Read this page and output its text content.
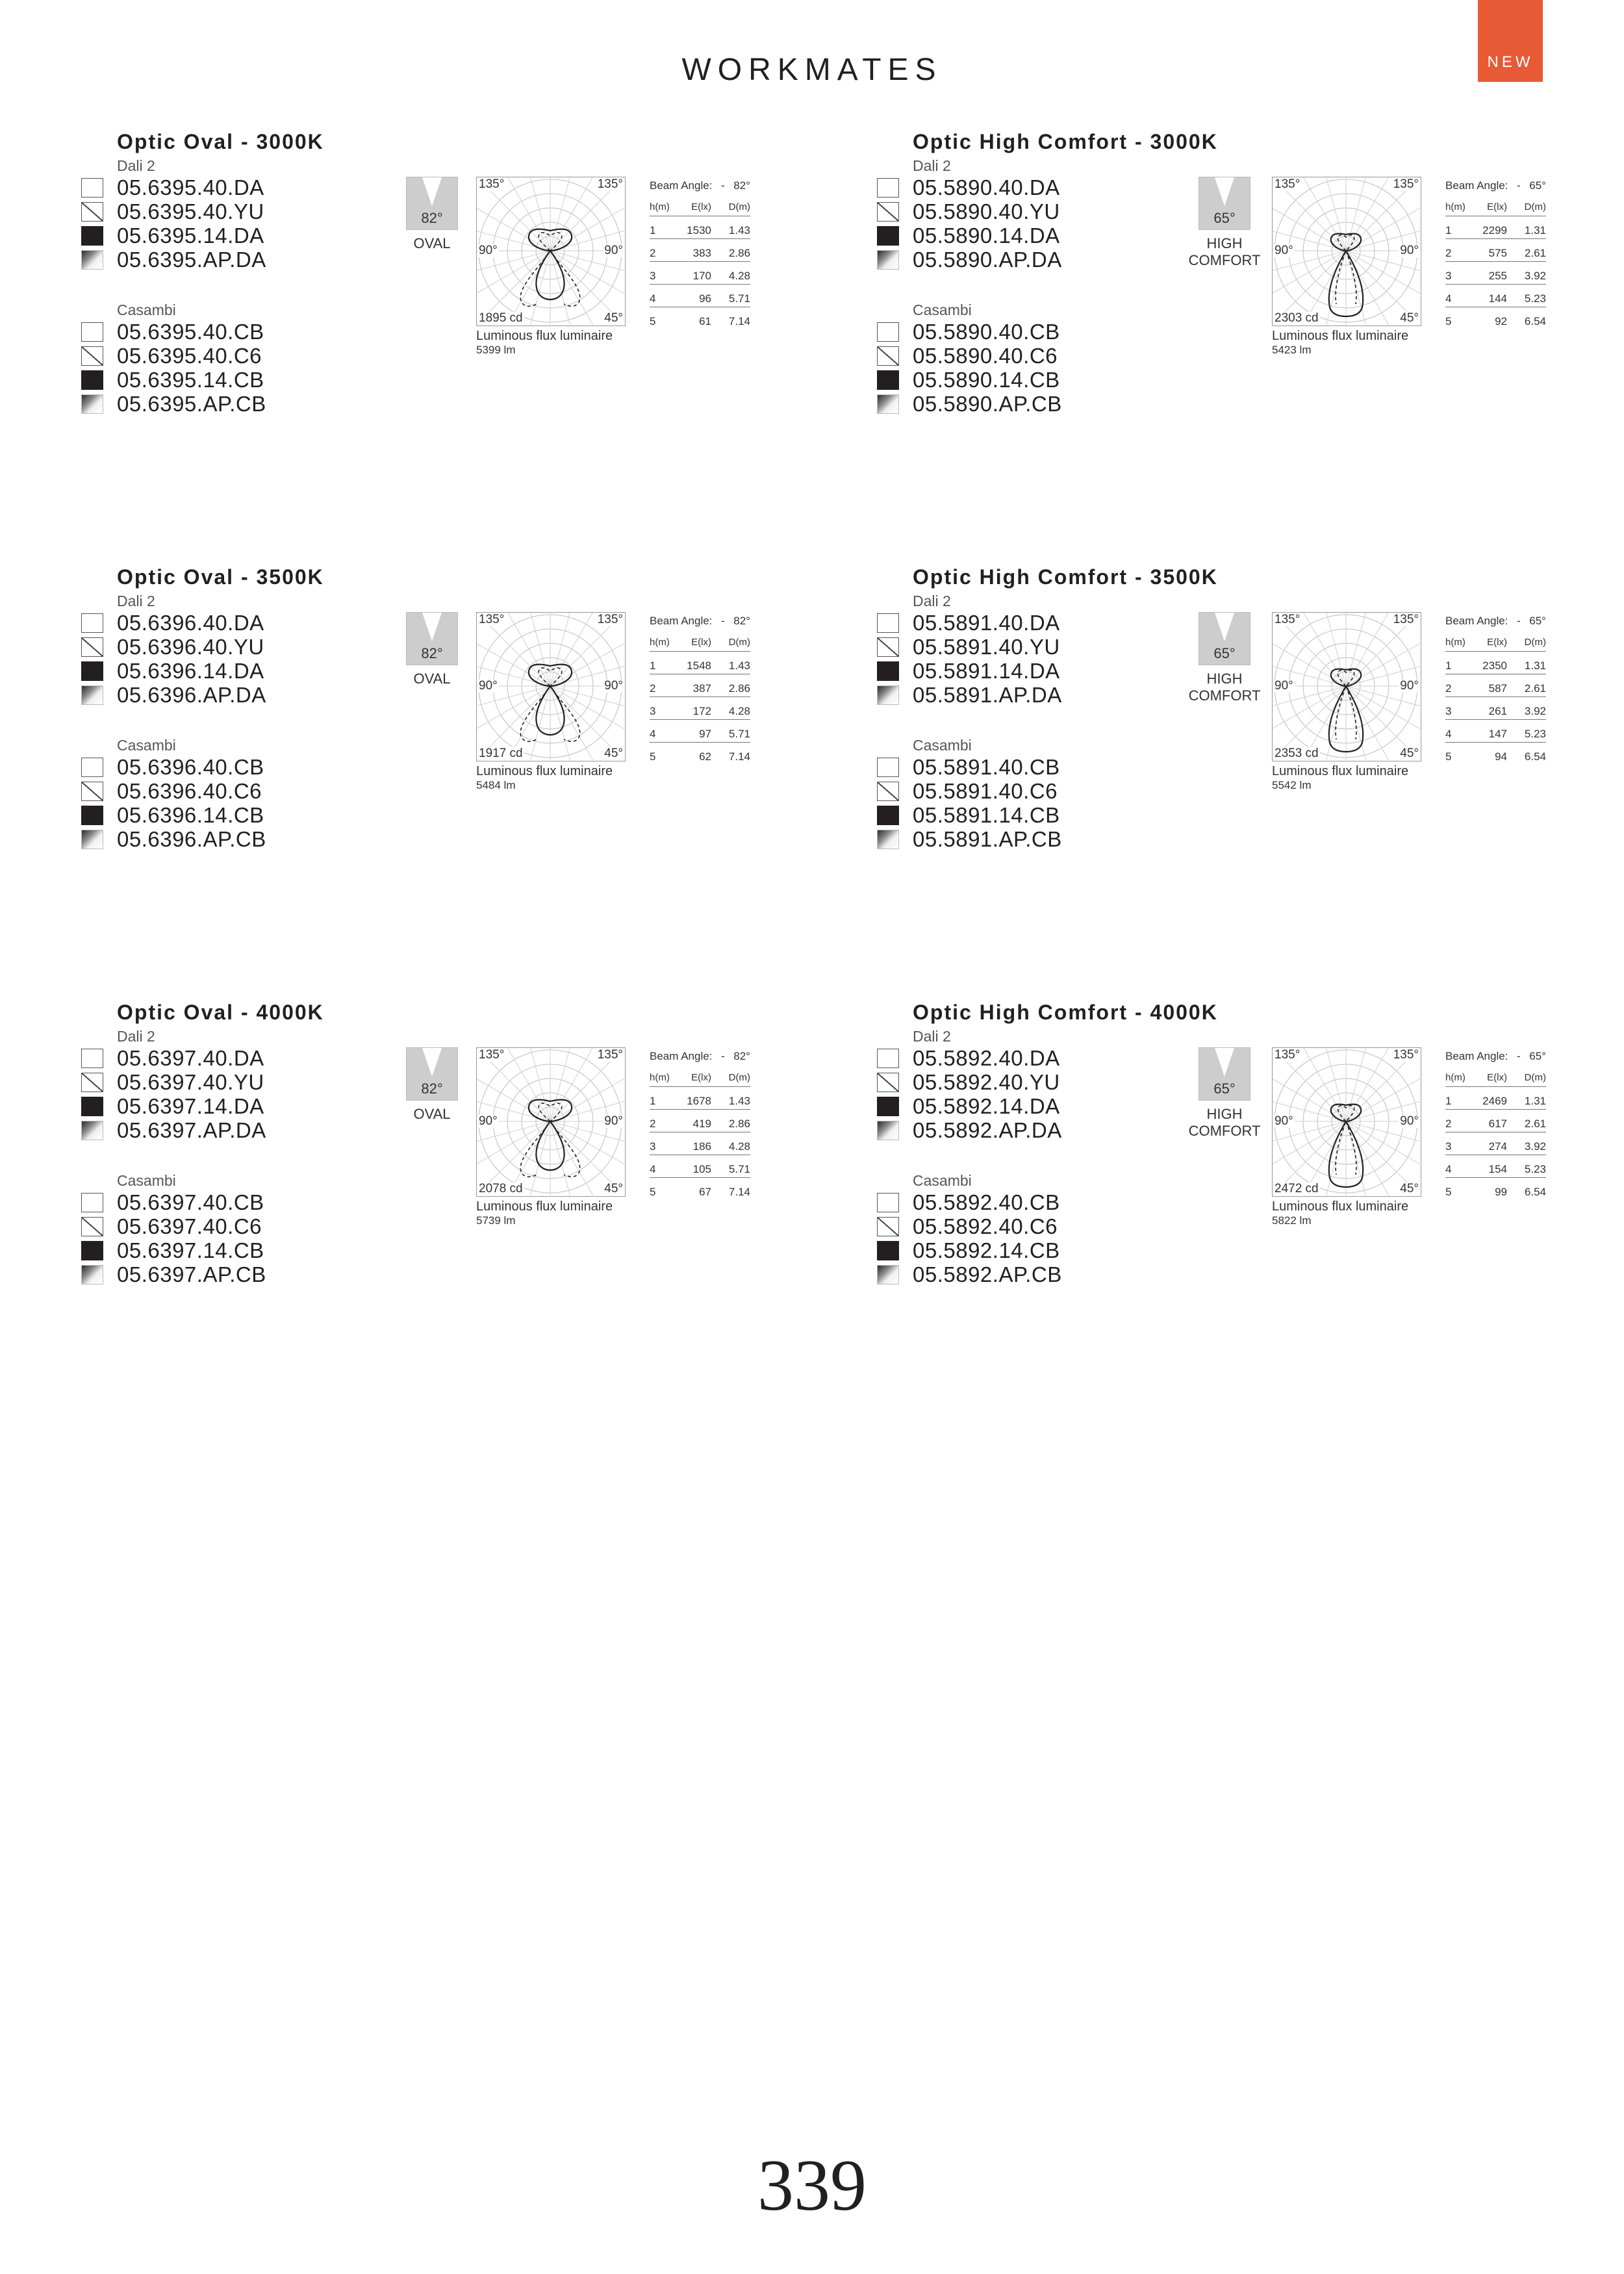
WORKMATES	NEW
Optic Oval - 3000K
Dali 2
05.6395.40.DA
05.6395.40.YU
05.6395.14.DA
05.6395.AP.DA
Casambi
05.6395.40.CB
05.6395.40.C6
05.6395.14.CB
05.6395.AP.CB
82°
OVAL
135°	135°
90°	90°
1895 cd	45°
Luminous flux luminaire
5399 lm
Beam Angle: - 82°
h(m)	E(lx)	D(m)
1	1530	1.43
2	383	2.86
3	170	4.28
4	96	5.71
5	61	7.14
Optic High Comfort - 3000K
Dali 2
05.5890.40.DA
05.5890.40.YU
05.5890.14.DA
05.5890.AP.DA
Casambi
05.5890.40.CB
05.5890.40.C6
05.5890.14.CB
05.5890.AP.CB
65°
HIGH COMFORT
135°	135°
90°	90°
2303 cd	45°
Luminous flux luminaire
5423 lm
Beam Angle: - 65°
h(m)	E(lx)	D(m)
1	2299	1.31
2	575	2.61
3	255	3.92
4	144	5.23
5	92	6.54
Optic Oval - 3500K
Dali 2
05.6396.40.DA
05.6396.40.YU
05.6396.14.DA
05.6396.AP.DA
Casambi
05.6396.40.CB
05.6396.40.C6
05.6396.14.CB
05.6396.AP.CB
82°
OVAL
135°	135°
90°	90°
1917 cd	45°
Luminous flux luminaire
5484 lm
Beam Angle: - 82°
h(m)	E(lx)	D(m)
1	1548	1.43
2	387	2.86
3	172	4.28
4	97	5.71
5	62	7.14
Optic High Comfort - 3500K
Dali 2
05.5891.40.DA
05.5891.40.YU
05.5891.14.DA
05.5891.AP.DA
Casambi
05.5891.40.CB
05.5891.40.C6
05.5891.14.CB
05.5891.AP.CB
65°
HIGH COMFORT
135°	135°
90°	90°
2353 cd	45°
Luminous flux luminaire
5542 lm
Beam Angle: - 65°
h(m)	E(lx)	D(m)
1	2350	1.31
2	587	2.61
3	261	3.92
4	147	5.23
5	94	6.54
Optic Oval - 4000K
Dali 2
05.6397.40.DA
05.6397.40.YU
05.6397.14.DA
05.6397.AP.DA
Casambi
05.6397.40.CB
05.6397.40.C6
05.6397.14.CB
05.6397.AP.CB
82°
OVAL
135°	135°
90°	90°
2078 cd	45°
Luminous flux luminaire
5739 lm
Beam Angle: - 82°
h(m)	E(lx)	D(m)
1	1678	1.43
2	419	2.86
3	186	4.28
4	105	5.71
5	67	7.14
Optic High Comfort - 4000K
Dali 2
05.5892.40.DA
05.5892.40.YU
05.5892.14.DA
05.5892.AP.DA
Casambi
05.5892.40.CB
05.5892.40.C6
05.5892.14.CB
05.5892.AP.CB
65°
HIGH COMFORT
135°	135°
90°	90°
2472 cd	45°
Luminous flux luminaire
5822 lm
Beam Angle: - 65°
h(m)	E(lx)	D(m)
1	2469	1.31
2	617	2.61
3	274	3.92
4	154	5.23
5	99	6.54
339
